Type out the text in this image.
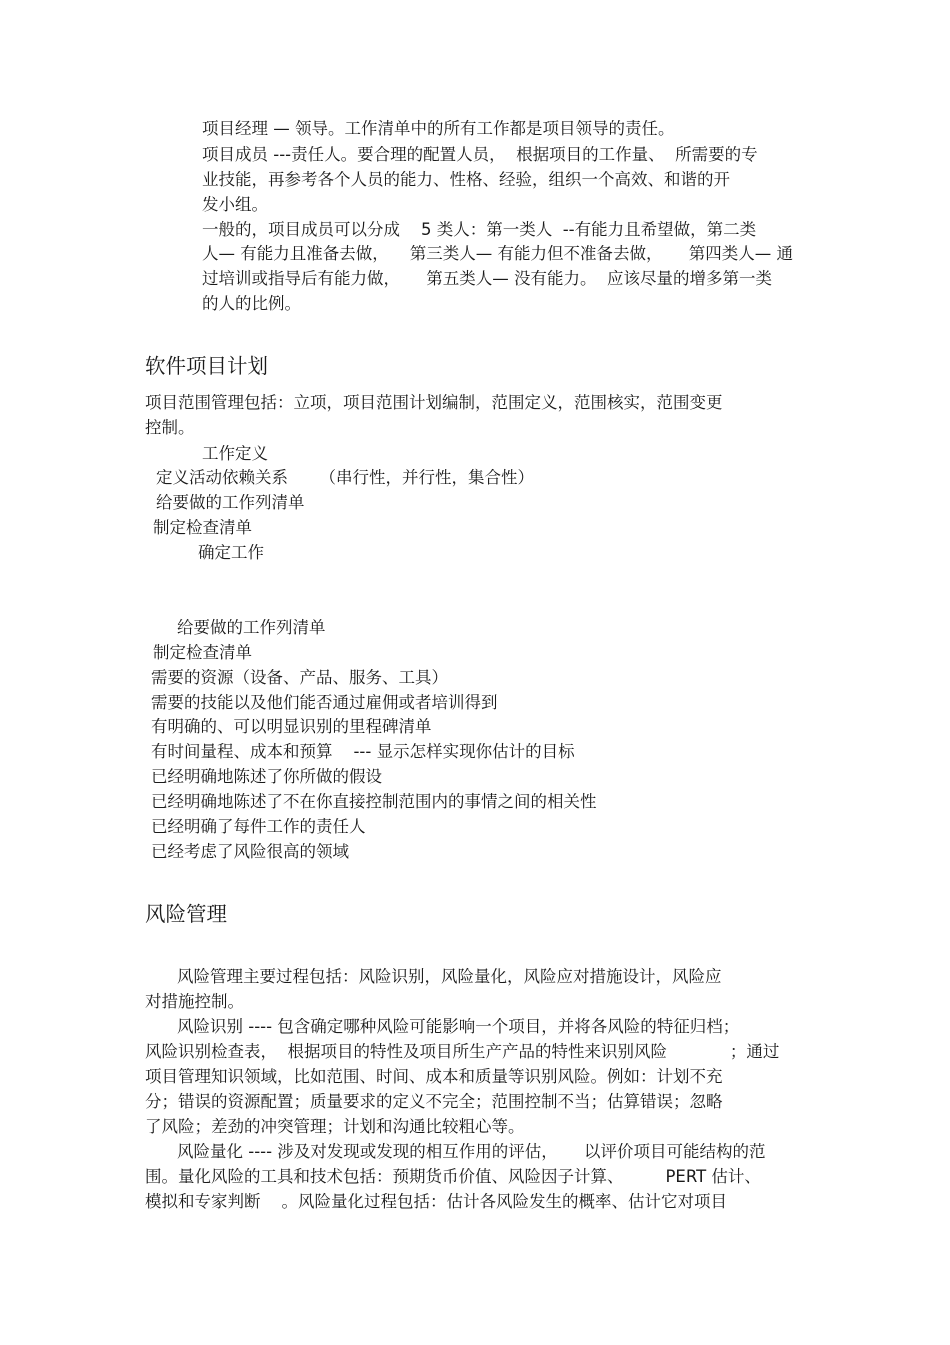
项目经理 — 领导。工作清单中的所有工作都是项目领导的责任。
项目成员 ---责任人。要合理的配置人员，  根据项目的工作量、  所需要的专
业技能，再参考各个人员的能力、性格、经验，组织一个高效、和谐的开
发小组。
一般的，项目成员可以分成    5 类人：第一类人  --有能力且希望做，第二类
人— 有能力且准备去做，    第三类人— 有能力但不准备去做，     第四类人— 通
过培训或指导后有能力做，     第五类人— 没有能力。  应该尽量的增多第一类
的人的比例。
软件项目计划
项目范围管理包括：立项，项目范围计划编制，范围定义，范围核实，范围变更
控制。
工作定义
定义活动依赖关系      （串行性，并行性，集合性）
给要做的工作列清单
制定检查清单
确定工作
给要做的工作列清单
制定检查清单
需要的资源（设备、产品、服务、工具）
需要的技能以及他们能否通过雇佣或者培训得到
有明确的、可以明显识别的里程碑清单
有时间量程、成本和预算    --- 显示怎样实现你估计的目标
已经明确地陈述了你所做的假设
已经明确地陈述了不在你直接控制范围内的事情之间的相关性
已经明确了每件工作的责任人
已经考虑了风险很高的领域
风险管理
风险管理主要过程包括：风险识别，风险量化，风险应对措施设计，风险应
对措施控制。
风险识别 ---- 包含确定哪种风险可能影响一个项目，并将各风险的特征归档；
风险识别检查表，  根据项目的特性及项目所生产产品的特性来识别风险            ；通过
项目管理知识领域，比如范围、时间、成本和质量等识别风险。例如：计划不充
分；错误的资源配置；质量要求的定义不完全；范围控制不当；估算错误；忽略
了风险；差劲的冲突管理；计划和沟通比较粗心等。
风险量化 ---- 涉及对发现或发现的相互作用的评估，     以评价项目可能结构的范
围。量化风险的工具和技术包括：预期货币价值、风险因子计算、        PERT 估计、
模拟和专家判断    。风险量化过程包括：估计各风险发生的概率、估计它对项目
